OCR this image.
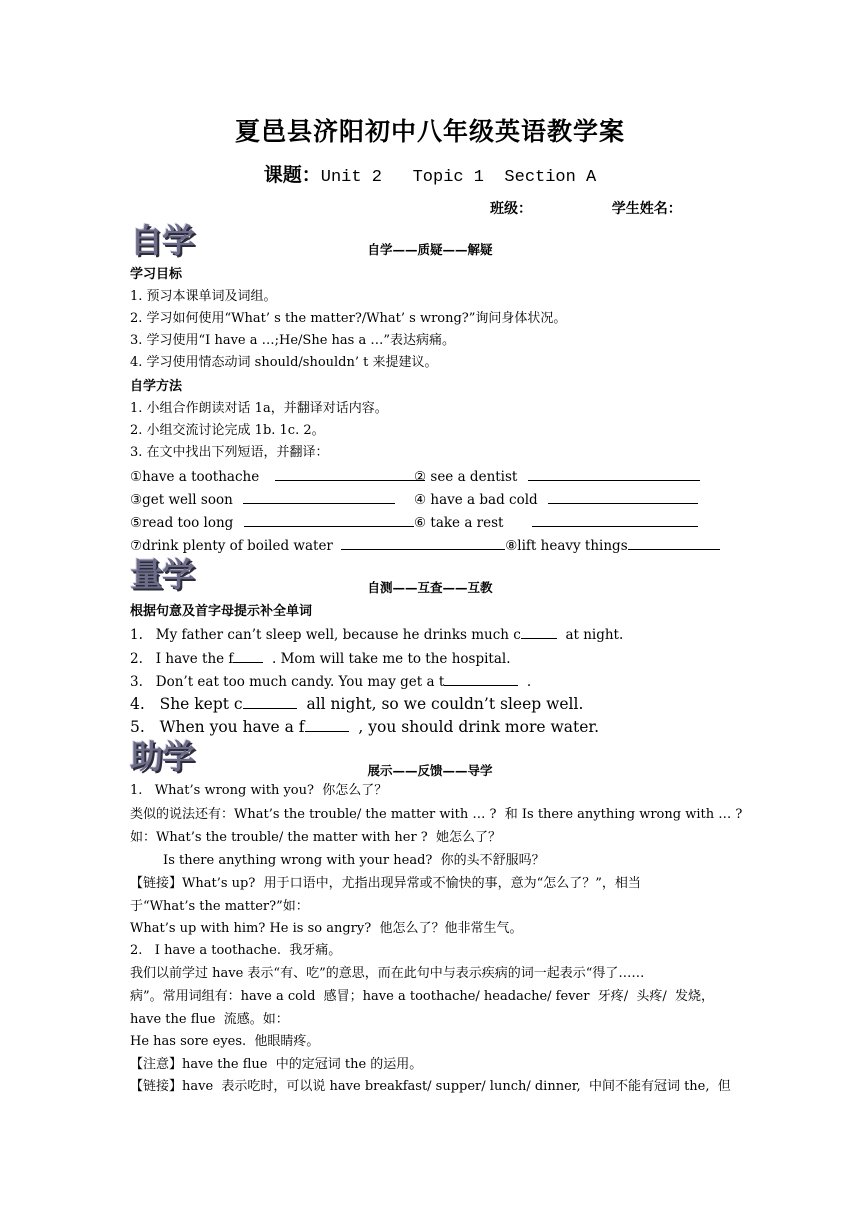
夏邑县济阳初中八年级英语教学案
课题：Unit 2   Topic 1  Section A
班级：	学生姓名：
自学	自学——质疑——解疑
学习目标
1. 预习本课单词及词组。
2. 学习如何使用“What’ s the matter?/What’ s wrong?”询问身体状况。
3. 学习使用“I have a …;He/She has a …”表达病痛。
4. 学习使用情态动词 should/shouldn’ t 来提建议。
自学方法
1. 小组合作朗读对话 1a，并翻译对话内容。
2. 小组交流讨论完成 1b. 1c. 2。
3. 在文中找出下列短语，并翻译：
①have a toothache	② see a dentist
③get well soon	④ have a bad cold
⑤read too long	⑥ take a rest
⑦drink plenty of boiled water	⑧lift heavy things
量学	自测——互查——互教
根据句意及首字母提示补全单词
1.   My father can’t sleep well, because he drinks much c	at night.
2.   I have the f  . Mom will take me to the hospital.
3.   Don’t eat too much candy. You may get a t	.
4.   She kept c	all night, so we couldn’t sleep well.
5.   When you have a f	, you should drink more water.
助学	展示——反馈——导学
1.   What’s wrong with you?  你怎么了？
类似的说法还有：What’s the trouble/ the matter with … ?  和 Is there anything wrong with … ?
如：What’s the trouble/ the matter with her ?  她怎么了？
Is there anything wrong with your head?  你的头不舒服吗？
【链接】What’s up?  用于口语中，尤指出现异常或不愉快的事，意为“怎么了？”，相当
于“What’s the matter?”如：
What’s up with him? He is so angry?  他怎么了？他非常生气。
2.   I have a toothache.  我牙痛。
我们以前学过 have 表示“有、吃”的意思，而在此句中与表示疾病的词一起表示“得了……
病”。常用词组有：have a cold  感冒；have a toothache/ headache/ fever  牙疼/  头疼/  发烧，
have the flue  流感。如：
He has sore eyes.  他眼睛疼。
【注意】have the flue  中的定冠词 the 的运用。
【链接】have  表示吃时，可以说 have breakfast/ supper/ lunch/ dinner,  中间不能有冠词 the,  但
